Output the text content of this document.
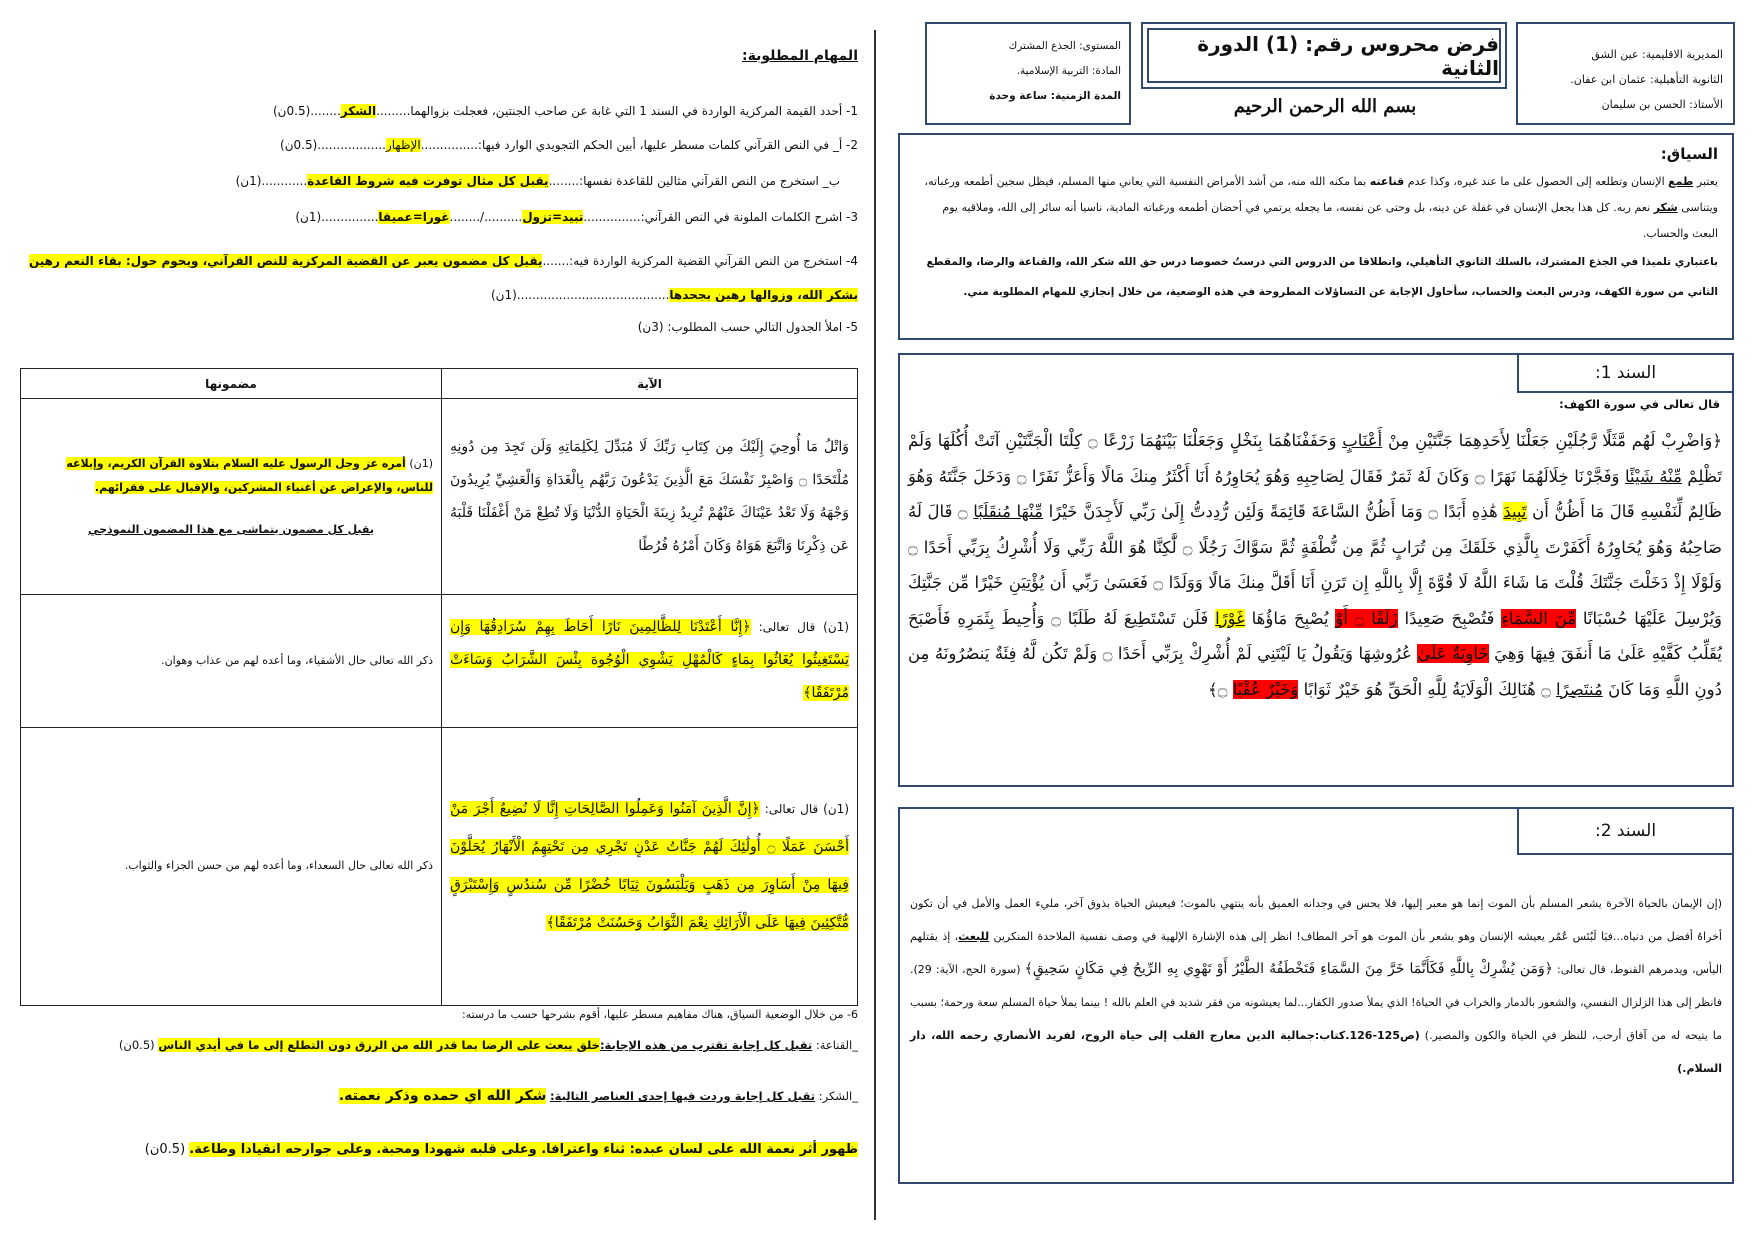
المديرية الاقليمية: عين الشق
الثانوية التأهيلية: عثمان ابن عفان.
الأستاذ: الحسن بن سليمان
فرض محروس رقم: (1) الدورة الثانية
بسم الله الرحمن الرحيم
المستوى: الجذع المشترك
المادة: التربية الإسلامية.
المدة الزمنية: ساعة وحدة
السياق:

يعتبر طمع الإنسان وتطلعه إلى الحصول على ما عند غيره، وكذا عدم قناعته بما مكنه الله منه، من أشد الأمراض النفسية التي يعاني منها المسلم، فيظل سجين أطمعه ورغباته، ويتناسى شكر نعم ربه. كل هذا يجعل الإنسان في غفلة عن دينه، بل وحتى عن نفسه، ما يجعله يرتمي في أحضان أطمعه ورغباته المادية، ناسيا أنه سائر إلى الله، وملاقيه يوم البعث والحساب.

باعتباري تلميذا في الجذع المشترك، بالسلك الثانوي التأهيلي، وانطلاقا من الدروس التي درستُ خصوصا درس حق الله شكر الله، والقناعة والرضا، والمقطع الثاني من سورة الكهف، ودرس البعث والحساب، سأحاول الإجابة عن التساؤلات المطروحة في هذه الوضعية، من خلال إنجازي للمهام المطلوبة مني.

السند 1:
قال تعالى في سورة الكهف:
﴿وَاضْرِبْ لَهُم مَّثَلًا رَّجُلَيْنِ جَعَلْنَا لِأَحَدِهِمَا جَنَّتَيْنِ مِنْ أَعْنَابٍ وَحَفَفْنَاهُمَا بِنَخْلٍ وَجَعَلْنَا بَيْنَهُمَا زَرْعًا ۝ كِلْتَا الْجَنَّتَيْنِ آتَتْ أُكُلَهَا وَلَمْ تَظْلِمْ مِّنْهُ شَيْئًا وَفَجَّرْنَا خِلَالَهُمَا نَهَرًا ۝ وَكَانَ لَهُ ثَمَرٌ فَقَالَ لِصَاحِبِهِ وَهُوَ يُحَاوِرُهُ أَنَا أَكْثَرُ مِنكَ مَالًا وَأَعَزُّ نَفَرًا ۝ وَدَخَلَ جَنَّتَهُ وَهُوَ ظَالِمٌ لِّنَفْسِهِ قَالَ مَا أَظُنُّ أَن تَبِيدَ هَٰذِهِ أَبَدًا ۝ وَمَا أَظُنُّ السَّاعَةَ قَائِمَةً وَلَئِن رُّدِدتُّ إِلَىٰ رَبِّي لَأَجِدَنَّ خَيْرًا مِّنْهَا مُنقَلَبًا ۝ قَالَ لَهُ صَاحِبُهُ وَهُوَ يُحَاوِرُهُ أَكَفَرْتَ بِالَّذِي خَلَقَكَ مِن تُرَابٍ ثُمَّ مِن نُّطْفَةٍ ثُمَّ سَوَّاكَ رَجُلًا ۝ لَّٰكِنَّا هُوَ اللَّهُ رَبِّي وَلَا أُشْرِكُ بِرَبِّي أَحَدًا ۝ وَلَوْلَا إِذْ دَخَلْتَ جَنَّتَكَ قُلْتَ مَا شَاءَ اللَّهُ لَا قُوَّةَ إِلَّا بِاللَّهِ إِن تَرَنِ أَنَا أَقَلَّ مِنكَ مَالًا وَوَلَدًا ۝ فَعَسَىٰ رَبِّي أَن يُؤْتِيَنِ خَيْرًا مِّن جَنَّتِكَ وَيُرْسِلَ عَلَيْهَا حُسْبَانًا مِّنَ السَّمَاءِ فَتُصْبِحَ صَعِيدًا زَلَقًا ۝ أَوْ يُصْبِحَ مَاؤُهَا غَوْرًا فَلَن تَسْتَطِيعَ لَهُ طَلَبًا ۝ وَأُحِيطَ بِثَمَرِهِ فَأَصْبَحَ يُقَلِّبُ كَفَّيْهِ عَلَىٰ مَا أَنفَقَ فِيهَا وَهِيَ خَاوِيَةٌ عَلَىٰ عُرُوشِهَا وَيَقُولُ يَا لَيْتَنِي لَمْ أُشْرِكْ بِرَبِّي أَحَدًا ۝ وَلَمْ تَكُن لَّهُ فِئَةٌ يَنصُرُونَهُ مِن دُونِ اللَّهِ وَمَا كَانَ مُنتَصِرًا ۝ هُنَالِكَ الْوَلَايَةُ لِلَّهِ الْحَقِّ هُوَ خَيْرٌ ثَوَابًا وَخَيْرٌ عُقْبًا ۝﴾
السند 2:
(إن الإيمان بالحياة الآخرة يشعر المسلم بأن الموت إنما هو معبر إليها، فلا يحس في وجدانه العميق بأنه ينتهي بالموت؛ فيعيش الحياة بذوق آخر، مليء العمل والأمل في أن تكون أخراهُ أفضل من دنياه...فيَا لَبُئس عُمُر يعيشه الإنسان وهو يشعر بأن الموت هو آخر المطاف! انظر إلى هذه الإشارة الإلهية في وصف نفسية الملاحدة المنكرين للبعث، إذ يقتلهم اليأس، ويدمرهم القنوط، قال تعالى: ﴿وَمَن يُشْرِكْ بِاللَّهِ فَكَأَنَّمَا خَرَّ مِنَ السَّمَاءِ فَتَخْطَفُهُ الطَّيْرُ أَوْ تَهْوِي بِهِ الرِّيحُ فِي مَكَانٍ سَحِيقٍ﴾ (سورة الحج، الآية: 29). فانظر إلى هذا الزلزال النفسي، والشعور بالدمار والخراب في الحياة! الذي يملأ صدور الكفار...لما يعيشونه من فقر شديد في العلم بالله ! بينما يملأ حياة المسلم سعة ورحمة؛ بسبب ما يتيحه له من آفاق أرحب، للنظر في الحياة والكون والمصير.) (ص125-126.كتاب:جمالية الدين معارج القلب إلى حياة الروح، لفريد الأنصاري رحمه الله، دار السلام.)
المهام المطلوبة:
1- أحدد القيمة المركزية الواردة في السند 1 التي غابة عن صاحب الجنتين، فعجلت بزوالهما.........الشكر........(0.5ن)
2- أ_ في النص القرآني كلمات مسطر عليها، أبين الحكم التجويدي الوارد فيها:...............الإظهار..................(0.5ن)
ب_ استخرج من النص القرآني مثالين للقاعدة نفسها:........يقبل كل مثال توفرت فيه شروط القاعدة............(1ن)
3- اشرح الكلمات الملونة في النص القرآني:...............تبيد=تزول........../........غورا=عميقا...............(1ن)
4- استخرج من النص القرآني القضية المركزية الواردة فيه:.......يقبل كل مضمون يعبر عن القضية المركزية للنص القرآني، ويحوم حول: بقاء النعم رهين بشكر الله، وزوالها رهين بجحدها........................................(1ن)
5- املأ الجدول التالي حسب المطلوب: (3ن)
الآية	مضمونها
وَاتْلُ مَا أُوحِيَ إِلَيْكَ مِن كِتَابِ رَبِّكَ لَا مُبَدِّلَ لِكَلِمَاتِهِ وَلَن تَجِدَ مِن دُونِهِ مُلْتَحَدًا ۝ وَاصْبِرْ نَفْسَكَ مَعَ الَّذِينَ يَدْعُونَ رَبَّهُم بِالْغَدَاةِ وَالْعَشِيِّ يُرِيدُونَ وَجْهَهُ وَلَا تَعْدُ عَيْنَاكَ عَنْهُمْ تُرِيدُ زِينَةَ الْحَيَاةِ الدُّنْيَا وَلَا تُطِعْ مَنْ أَغْفَلْنَا قَلْبَهُ عَن ذِكْرِنَا وَاتَّبَعَ هَوَاهُ وَكَانَ أَمْرُهُ فُرُطًا	(1ن) أمره عز وجل الرسول عليه السلام بتلاوة القرآن الكريم، وإبلاغه للناس، والإعراض عن أغنياء المشركين، والإقبال على فقرائهم.
يقبل كل مضمون يتماشى مع هذا المضمون النموذجي

(1ن) قال تعالى: ﴿إِنَّا أَعْتَدْنَا لِلظَّالِمِينَ نَارًا أَحَاطَ بِهِمْ سُرَادِقُهَا وَإِن يَسْتَغِيثُوا يُغَاثُوا بِمَاءٍ كَالْمُهْلِ يَشْوِي الْوُجُوهَ بِئْسَ الشَّرَابُ وَسَاءَتْ مُرْتَفَقًا﴾	ذكر الله تعالى حال الأشقياء، وما أعده لهم من عذاب وهوان.
(1ن) قال تعالى: ﴿إِنَّ الَّذِينَ آمَنُوا وَعَمِلُوا الصَّالِحَاتِ إِنَّا لَا نُضِيعُ أَجْرَ مَنْ أَحْسَنَ عَمَلًا ۝ أُولَٰئِكَ لَهُمْ جَنَّاتُ عَدْنٍ تَجْرِي مِن تَحْتِهِمُ الْأَنْهَارُ يُحَلَّوْنَ فِيهَا مِنْ أَسَاوِرَ مِن ذَهَبٍ وَيَلْبَسُونَ ثِيَابًا خُضْرًا مِّن سُندُسٍ وَإِسْتَبْرَقٍ مُّتَّكِئِينَ فِيهَا عَلَى الْأَرَائِكِ نِعْمَ الثَّوَابُ وَحَسُنَتْ مُرْتَفَقًا﴾	ذكر الله تعالى حال السعداء، وما أعده لهم من حسن الجزاء والثواب.
6- من خلال الوضعية السياق، هناك مفاهيم مسطر عليها، أقوم بشرحها حسب ما درسته:
_القناعة: تقبل كل إجابة تقترب من هذه الإجابة:خلق يبعث على الرضا بما قدر الله من الرزق دون التطلع إلى ما في أيدي الناس (0.5ن)
_الشكر: تقبل كل إجابة وردت فيها إحدى العناصر التالية: شكر الله اي حمده وذكر نعمته.
ظهور أثر نعمة الله على لسان عبده: ثناء واعترافا. وعلى قلبه شهودا ومحبة. وعلى جوارحه انقيادا وطاعة. (0.5ن)
